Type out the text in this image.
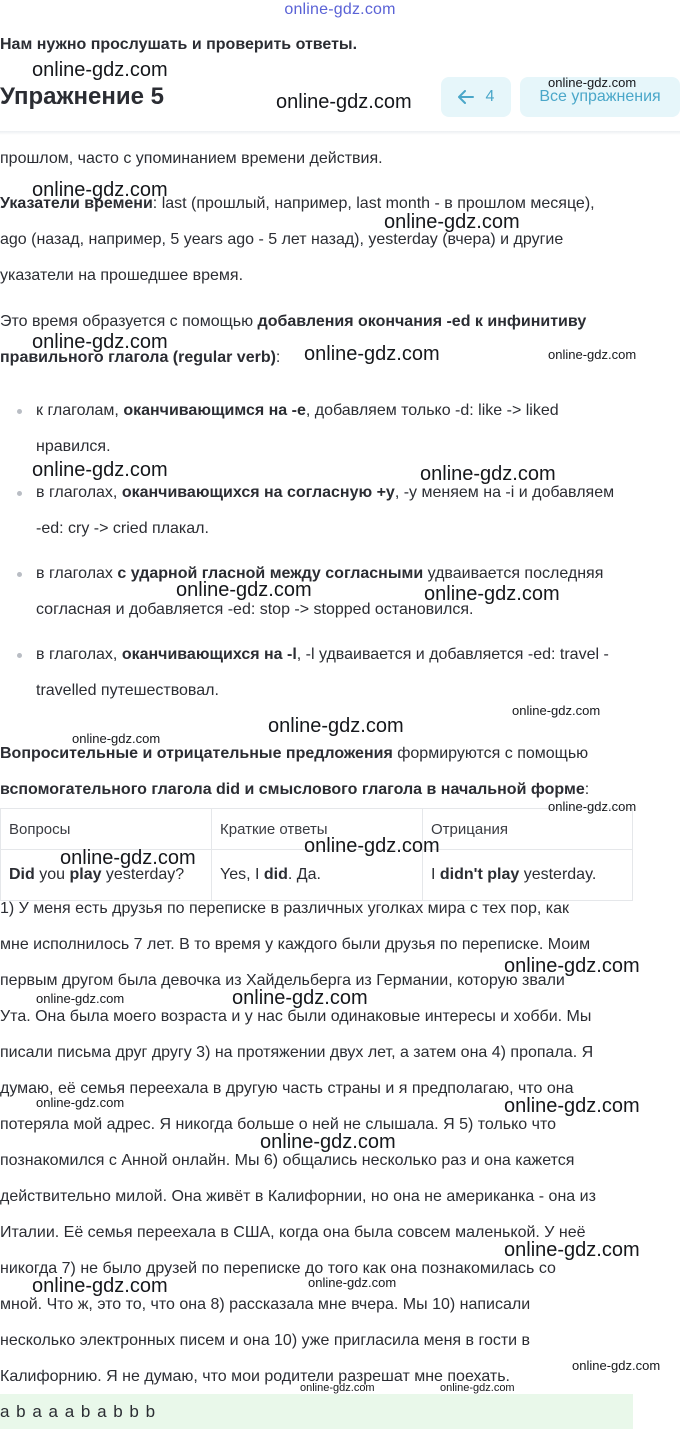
online-gdz.com
Нам нужно прослушать и проверить ответы.
Упражнение 5	4	Все упражнения
прошлом, часто с упоминанием времени действия.
Указатели времени: last (прошлый, например, last month - в прошлом месяце),
ago (назад, например, 5 years ago - 5 лет назад), yesterday (вчера) и другие
указатели на прошедшее время.
Это время образуется с помощью добавления окончания -ed к инфинитиву
правильного глагола (regular verb):
к глаголам, оканчивающимся на -e, добавляем только -d: like -> liked
нравился.
в глаголах, оканчивающихся на согласную +y, -y меняем на -i и добавляем
-ed: cry -> cried плакал.
в глаголах с ударной гласной между согласными удваивается последняя
согласная и добавляется -ed: stop -> stopped остановился.
в глаголах, оканчивающихся на -l, -l удваивается и добавляется -ed: travel -
travelled путешествовал.
Вопросительные и отрицательные предложения формируются с помощью
вспомогательного глагола did и смыслового глагола в начальной форме:
Вопросы	Краткие ответы	Отрицания
Did you play yesterday?	Yes, I did. Да.	I didn't play yesterday.
1) У меня есть друзья по переписке в различных уголках мира с тех пор, как
мне исполнилось 7 лет. В то время у каждого были друзья по переписке. Моим
первым другом была девочка из Хайдельберга из Германии, которую звали
Ута. Она была моего возраста и у нас были одинаковые интересы и хобби. Мы
писали письма друг другу 3) на протяжении двух лет, а затем она 4) пропала. Я
думаю, её семья переехала в другую часть страны и я предполагаю, что она
потеряла мой адрес. Я никогда больше о ней не слышала. Я 5) только что
познакомился с Анной онлайн. Мы 6) общались несколько раз и она кажется
действительно милой. Она живёт в Калифорнии, но она не американка - она из
Италии. Её семья переехала в США, когда она была совсем маленькой. У неё
никогда 7) не было друзей по переписке до того как она познакомилась со
мной. Что ж, это то, что она 8) рассказала мне вчера. Мы 10) написали
несколько электронных писем и она 10) уже пригласила меня в гости в
Калифорнию. Я не думаю, что мои родители разрешат мне поехать.
a b a a a b a b b b
online-gdz.com
online-gdz.com
online-gdz.com
online-gdz.com
online-gdz.com
online-gdz.com
online-gdz.com	online-gdz.com
online-gdz.com	online-gdz.com
online-gdz.com	online-gdz.com
online-gdz.com
online-gdz.com
online-gdz.com
online-gdz.com
online-gdz.com
online-gdz.com
online-gdz.com
online-gdz.com	online-gdz.com
online-gdz.com	online-gdz.com
online-gdz.com
online-gdz.com
online-gdz.com	online-gdz.com
online-gdz.com
online-gdz.com	online-gdz.com
